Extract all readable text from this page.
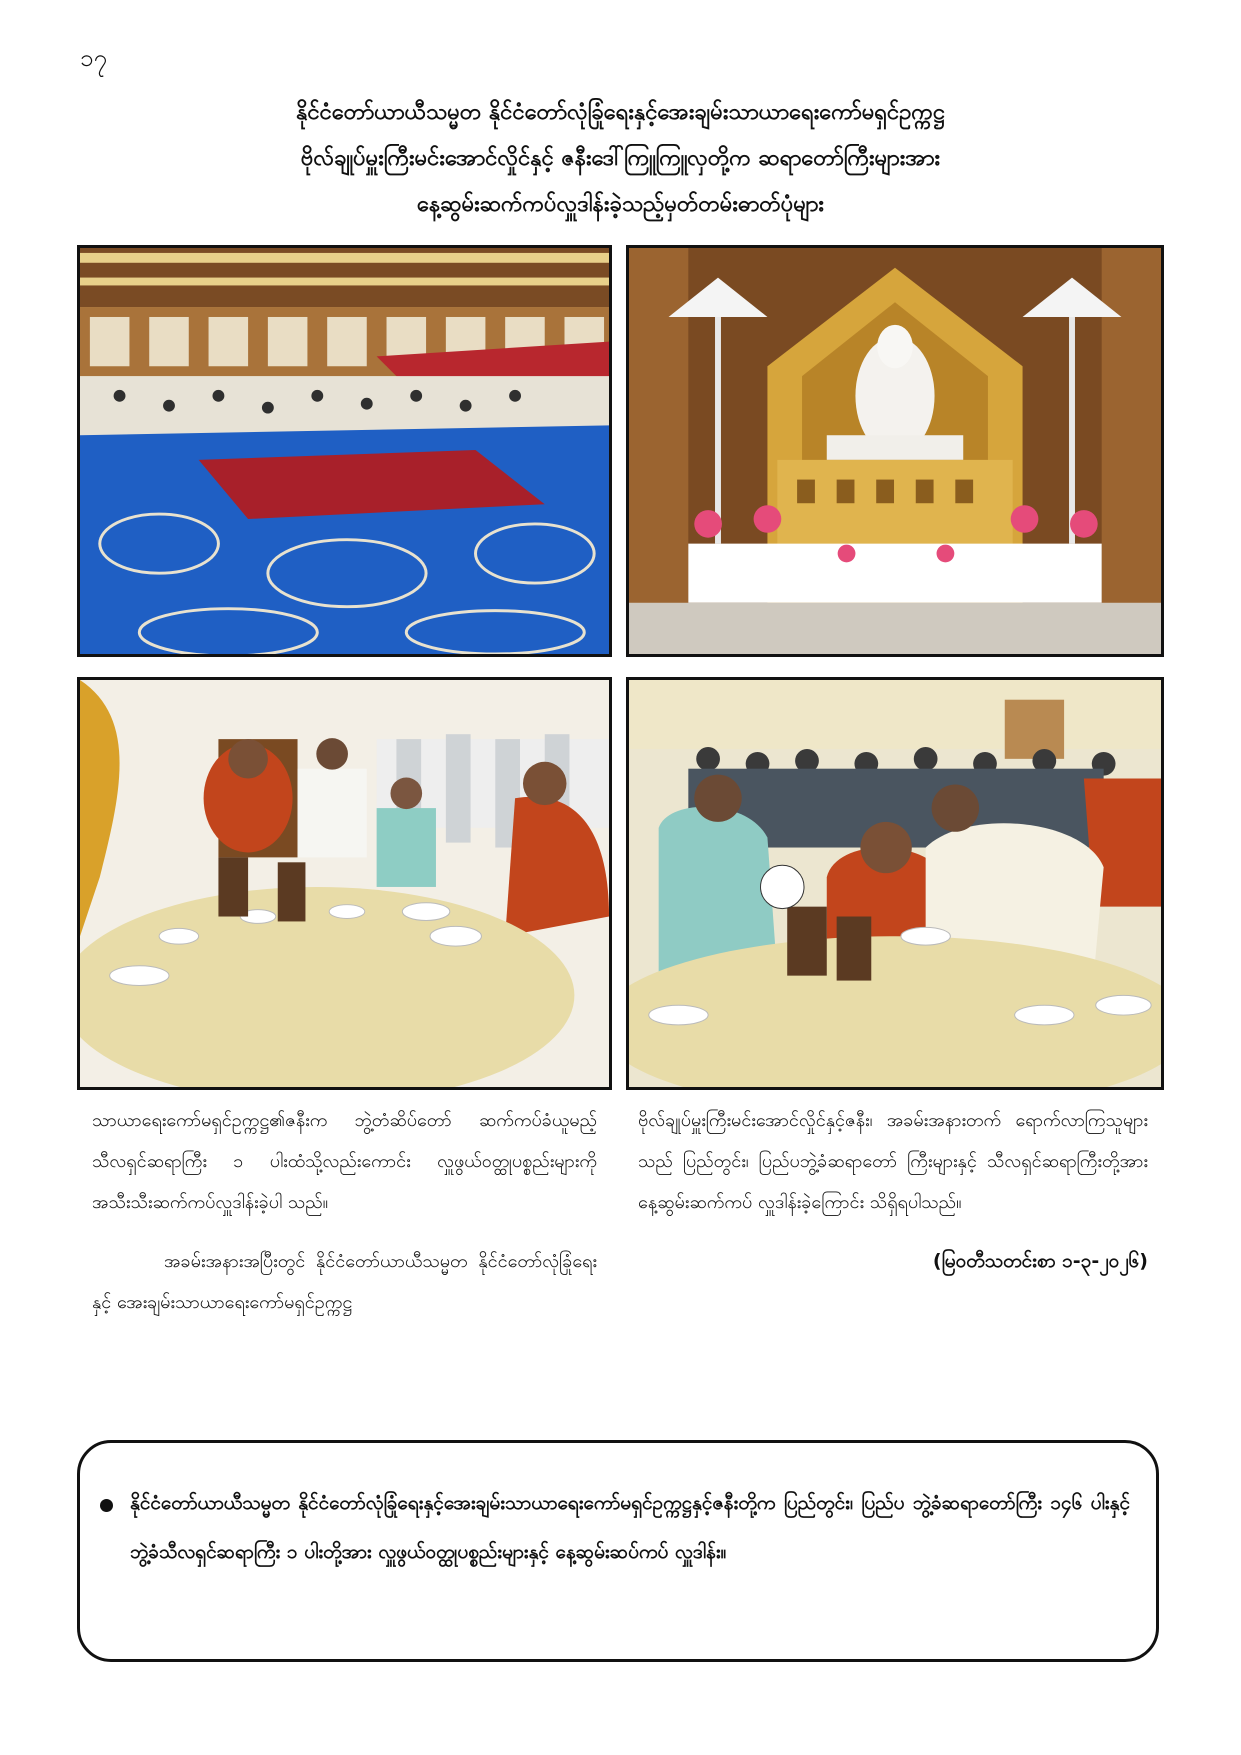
၁၇
နိုင်ငံတော်ယာယီသမ္မတ နိုင်ငံတော်လုံခြုံရေးနှင့်အေးချမ်းသာယာရေးကော်မရှင်ဥက္ကဋ္ဌ
ဗိုလ်ချုပ်မှူးကြီးမင်းအောင်လှိုင်နှင့် ဇနီးဒေါ်ကြူကြူလှတို့က ဆရာတော်ကြီးများအား
နေ့ဆွမ်းဆက်ကပ်လှူဒါန်းခဲ့သည့်မှတ်တမ်းဓာတ်ပုံများ
သာယာရေးကော်မရှင်ဥက္ကဋ္ဌ၏ဇနီးက ဘွဲ့တံဆိပ်တော် ဆက်ကပ်ခံယူမည့် သီလရှင်ဆရာကြီး ၁ ပါးထံသို့လည်းကောင်း လှူဖွယ်ဝတ္ထုပစ္စည်းများကို အသီးသီးဆက်ကပ်လှူဒါန်းခဲ့ပါ သည်။
အခမ်းအနားအပြီးတွင် နိုင်ငံတော်ယာယီသမ္မတ နိုင်ငံတော်လုံခြုံရေးနှင့် အေးချမ်းသာယာရေးကော်မရှင်ဥက္ကဋ္ဌ
ဗိုလ်ချုပ်မှူးကြီးမင်းအောင်လှိုင်နှင့်ဇနီး၊ အခမ်းအနားတက် ရောက်လာကြသူများသည် ပြည်တွင်း၊ ပြည်ပဘွဲ့ခံဆရာတော် ကြီးများနှင့် သီလရှင်ဆရာကြီးတို့အား နေ့ဆွမ်းဆက်ကပ် လှူဒါန်းခဲ့ကြောင်း သိရှိရပါသည်။
(မြဝတီသတင်းစာ ၁-၃-၂၀၂၆)
နိုင်ငံတော်ယာယီသမ္မတ နိုင်ငံတော်လုံခြုံရေးနှင့်အေးချမ်းသာယာရေးကော်မရှင်ဥက္ကဋ္ဌနှင့်ဇနီးတို့က ပြည်တွင်း၊ ပြည်ပ ဘွဲ့ခံဆရာတော်ကြီး ၁၄၆ ပါးနှင့် ဘွဲ့ခံသီလရှင်ဆရာကြီး ၁ ပါးတို့အား လှူဖွယ်ဝတ္ထုပစ္စည်းများနှင့် နေ့ဆွမ်းဆပ်ကပ် လှူဒါန်း။
